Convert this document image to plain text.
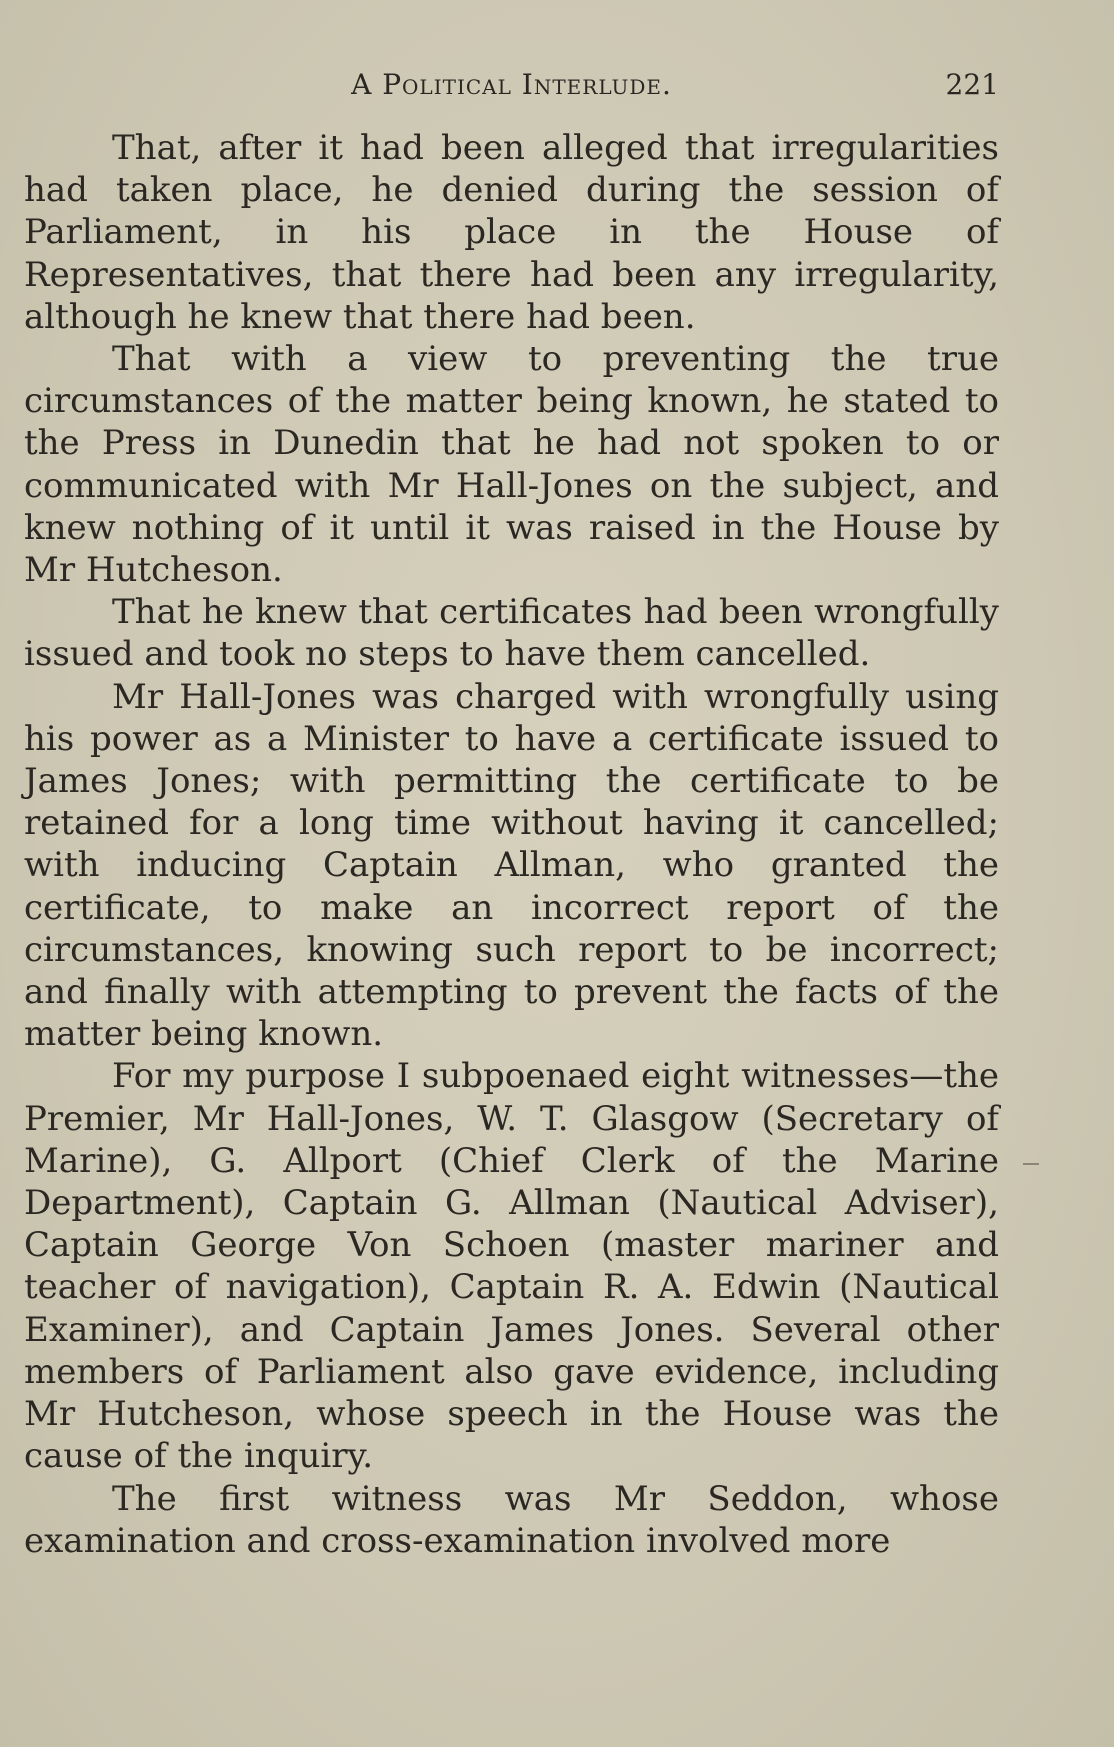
A Political Interlude.	221

That, after it had been alleged that irregularities had taken place, he denied during the session of Parliament, in his place in the House of Representatives, that there had been any irregularity, although he knew that there had been.

That with a view to preventing the true circumstances of the matter being known, he stated to the Press in Dunedin that he had not spoken to or communicated with Mr Hall-Jones on the subject, and knew nothing of it until it was raised in the House by Mr Hutcheson.

That he knew that certificates had been wrongfully issued and took no steps to have them cancelled.

Mr Hall-Jones was charged with wrongfully using his power as a Minister to have a certificate issued to James Jones; with permitting the certificate to be retained for a long time without having it cancelled; with inducing Captain Allman, who granted the certificate, to make an incorrect report of the circumstances, knowing such report to be incorrect; and finally with attempting to prevent the facts of the matter being known.

For my purpose I subpoenaed eight witnesses—the Premier, Mr Hall-Jones, W. T. Glasgow (Secretary of Marine), G. Allport (Chief Clerk of the Marine Department), Captain G. Allman (Nautical Adviser), Captain George Von Schoen (master mariner and teacher of navigation), Captain R. A. Edwin (Nautical Examiner), and Captain James Jones. Several other members of Parliament also gave evidence, including Mr Hutcheson, whose speech in the House was the cause of the inquiry.

The first witness was Mr Seddon, whose examination and cross-examination involved more
